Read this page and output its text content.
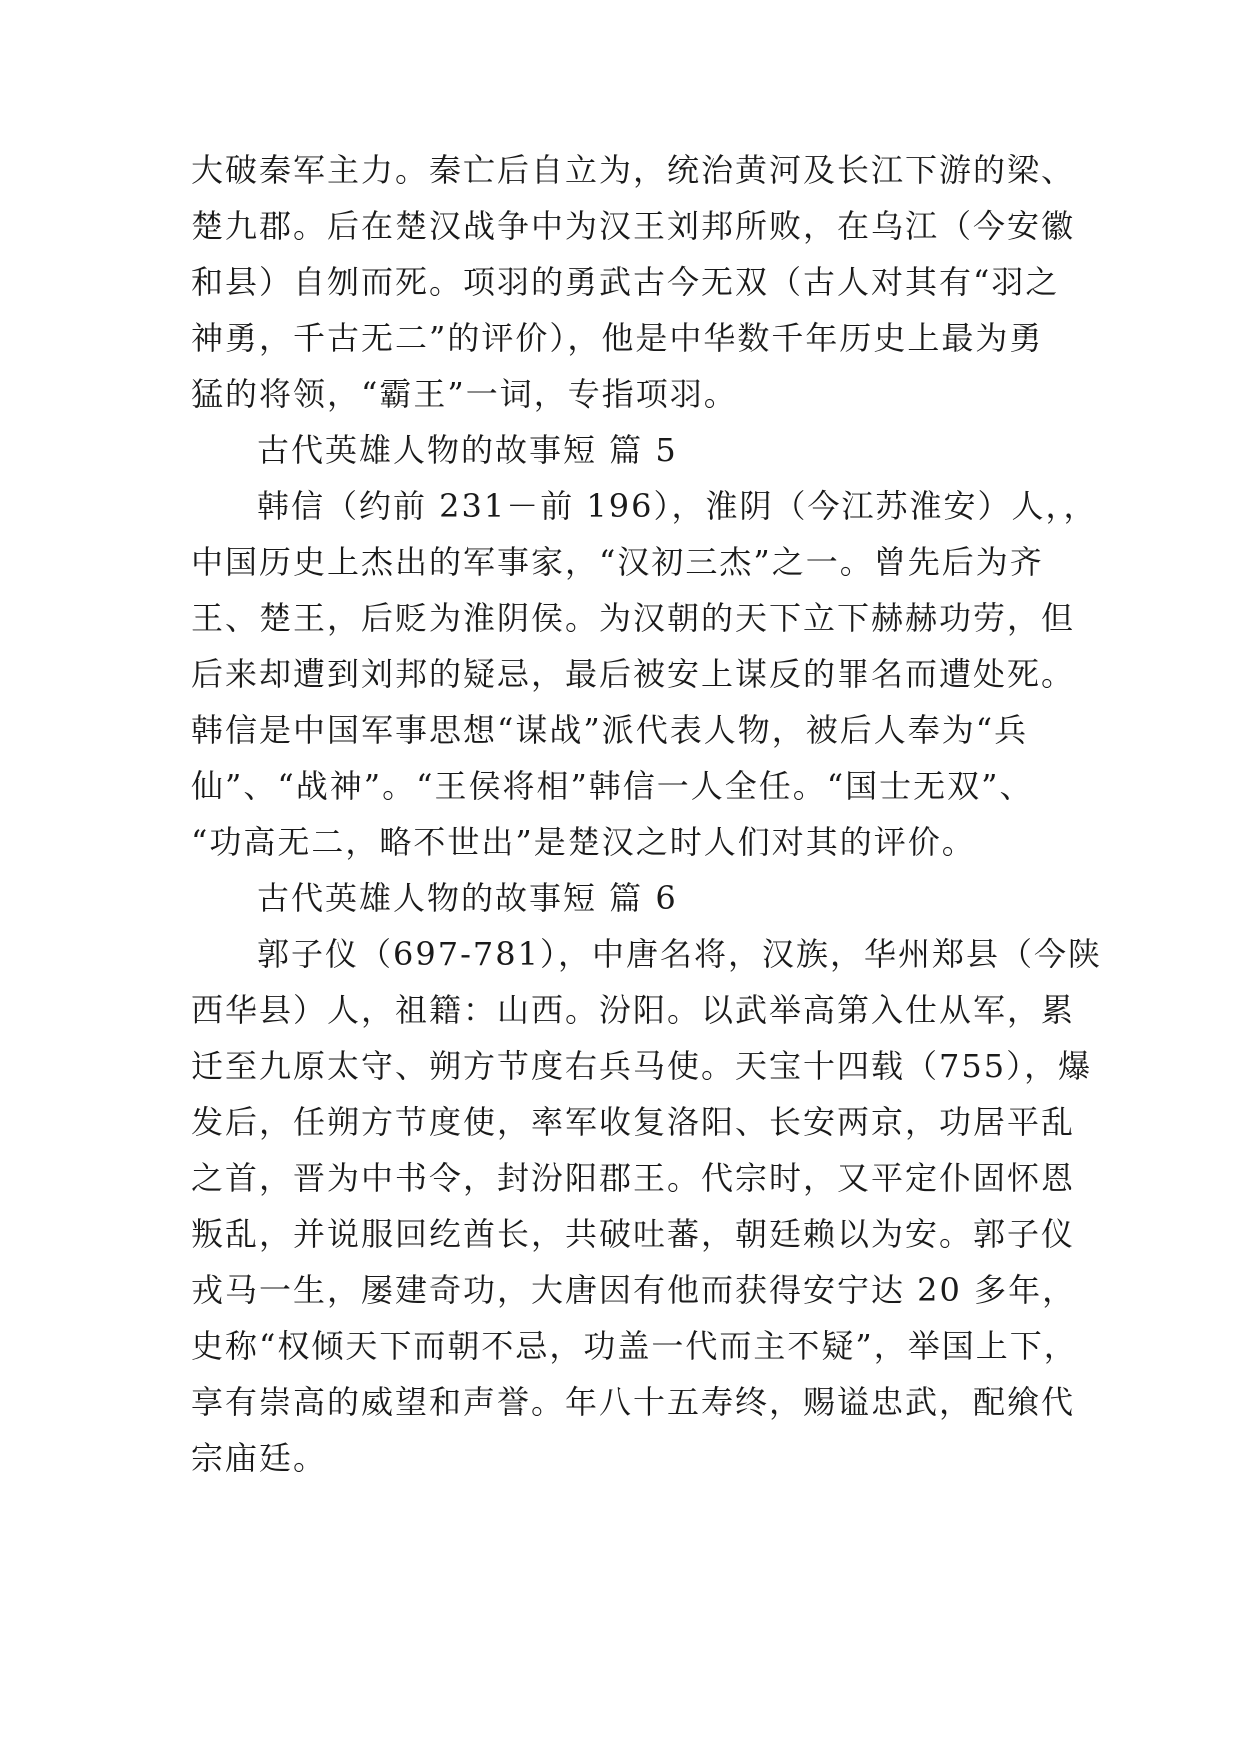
大破秦军主力。秦亡后自立为，统治黄河及长江下游的梁、
楚九郡。后在楚汉战争中为汉王刘邦所败，在乌江（今安徽
和县）自刎而死。项羽的勇武古今无双（古人对其有“羽之
神勇，千古无二”的评价），他是中华数千年历史上最为勇
猛的将领，“霸王”一词，专指项羽。
古代英雄人物的故事短 篇 5
韩信（约前 231－前 196），淮阴（今江苏淮安）人，，
中国历史上杰出的军事家，“汉初三杰”之一。曾先后为齐
王、楚王，后贬为淮阴侯。为汉朝的天下立下赫赫功劳，但
后来却遭到刘邦的疑忌，最后被安上谋反的罪名而遭处死。
韩信是中国军事思想“谋战”派代表人物，被后人奉为“兵
仙”、“战神”。“王侯将相”韩信一人全任。“国士无双”、
“功高无二，略不世出”是楚汉之时人们对其的评价。
古代英雄人物的故事短 篇 6
郭子仪（697-781），中唐名将，汉族，华州郑县（今陕
西华县）人，祖籍：山西。汾阳。以武举高第入仕从军，累
迁至九原太守、朔方节度右兵马使。天宝十四载（755），爆
发后，任朔方节度使，率军收复洛阳、长安两京，功居平乱
之首，晋为中书令，封汾阳郡王。代宗时，又平定仆固怀恩
叛乱，并说服回纥酋长，共破吐蕃，朝廷赖以为安。郭子仪
戎马一生，屡建奇功，大唐因有他而获得安宁达 20 多年，
史称“权倾天下而朝不忌，功盖一代而主不疑”，举国上下，
享有崇高的威望和声誉。年八十五寿终，赐谥忠武，配飨代
宗庙廷。
